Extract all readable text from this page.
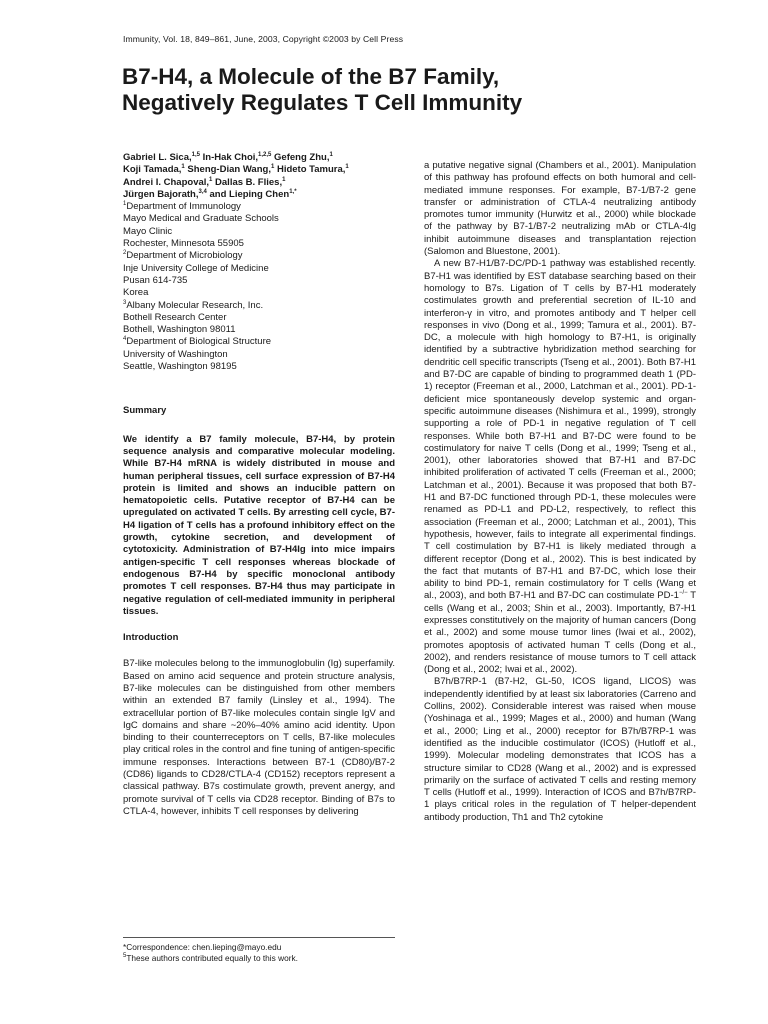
Immunity, Vol. 18, 849–861, June, 2003, Copyright ©2003 by Cell Press
B7-H4, a Molecule of the B7 Family,
Negatively Regulates T Cell Immunity

Gabriel L. Sica,$^{1,5}$ In-Hak Choi,$^{1,2,5}$ Gefeng Zhu,$^1$
Koji Tamada,$^1$ Sheng-Dian Wang,$^1$ Hideto Tamura,$^1$
Andrei I. Chapoval,$^1$ Dallas B. Flies,$^1$
Jürgen Bajorath,$^{3,4}$ and Lieping Chen$^{1,*}$

$^1$Department of Immunology
Mayo Medical and Graduate Schools
Mayo Clinic
Rochester, Minnesota 55905
$^2$Department of Microbiology
Inje University College of Medicine
Pusan 614-735
Korea
$^3$Albany Molecular Research, Inc.
Bothell Research Center
Bothell, Washington 98011
$^4$Department of Biological Structure
University of Washington
Seattle, Washington 98195

Summary

We identify a B7 family molecule, B7-H4, by protein sequence analysis and comparative molecular modeling. While B7-H4 mRNA is widely distributed in mouse and human peripheral tissues, cell surface expression of B7-H4 protein is limited and shows an inducible pattern on hematopoietic cells. Putative receptor of B7-H4 can be upregulated on activated T cells. By arresting cell cycle, B7-H4 ligation of T cells has a profound inhibitory effect on the growth, cytokine secretion, and development of cytotoxicity. Administration of B7-H4Ig into mice impairs antigen-specific T cell responses whereas blockade of endogenous B7-H4 by specific monoclonal antibody promotes T cell responses. B7-H4 thus may participate in negative regulation of cell-mediated immunity in peripheral tissues.

Introduction

B7-like molecules belong to the immunoglobulin (Ig) superfamily. Based on amino acid sequence and protein structure analysis, B7-like molecules can be distinguished from other members within an extended B7 family (Linsley et al., 1994). The extracellular portion of B7-like molecules contain single IgV and IgC domains and share ~20%–40% amino acid identity. Upon binding to their counterreceptors on T cells, B7-like molecules play critical roles in the control and fine tuning of antigen-specific immune responses. Interactions between B7-1 (CD80)/B7-2 (CD86) ligands to CD28/CTLA-4 (CD152) receptors represent a classical pathway. B7s costimulate growth, prevent anergy, and promote survival of T cells via CD28 receptor. Binding of B7s to CTLA-4, however, inhibits T cell responses by delivering

a putative negative signal (Chambers et al., 2001). Manipulation of this pathway has profound effects on both humoral and cell-mediated immune responses. For example, B7-1/B7-2 gene transfer or administration of CTLA-4 neutralizing antibody promotes tumor immunity (Hurwitz et al., 2000) while blockade of the pathway by B7-1/B7-2 neutralizing mAb or CTLA-4Ig inhibit autoimmune diseases and transplantation rejection (Salomon and Bluestone, 2001).

A new B7-H1/B7-DC/PD-1 pathway was established recently. B7-H1 was identified by EST database searching based on their homology to B7s. Ligation of T cells by B7-H1 moderately costimulates growth and preferential secretion of IL-10 and interferon-γ in vitro, and promotes antibody and T helper cell responses in vivo (Dong et al., 1999; Tamura et al., 2001). B7-DC, a molecule with high homology to B7-H1, is originally identified by a subtractive hybridization method searching for dendritic cell specific transcripts (Tseng et al., 2001). Both B7-H1 and B7-DC are capable of binding to programmed death 1 (PD-1) receptor (Freeman et al., 2000, Latchman et al., 2001). PD-1-deficient mice spontaneously develop systemic and organ-specific autoimmune diseases (Nishimura et al., 1999), strongly supporting a role of PD-1 in negative regulation of T cell responses. While both B7-H1 and B7-DC were found to be costimulatory for naive T cells (Dong et al., 1999; Tseng et al., 2001), other laboratories showed that B7-H1 and B7-DC inhibited proliferation of activated T cells (Freeman et al., 2000; Latchman et al., 2001). Because it was proposed that both B7-H1 and B7-DC functioned through PD-1, these molecules were renamed as PD-L1 and PD-L2, respectively, to reflect this association (Freeman et al., 2000; Latchman et al., 2001), This hypothesis, however, fails to integrate all experimental findings. T cell costimulation by B7-H1 is likely mediated through a different receptor (Dong et al., 2002). This is best indicated by the fact that mutants of B7-H1 and B7-DC, which lose their ability to bind PD-1, remain costimulatory for T cells (Wang et al., 2003), and both B7-H1 and B7-DC can costimulate PD-1−/− T cells (Wang et al., 2003; Shin et al., 2003). Importantly, B7-H1 expresses constitutively on the majority of human cancers (Dong et al., 2002) and some mouse tumor lines (Iwai et al., 2002), promotes apoptosis of activated human T cells (Dong et al., 2002), and renders resistance of mouse tumors to T cell attack (Dong et al., 2002; Iwai et al., 2002).

B7h/B7RP-1 (B7-H2, GL-50, ICOS ligand, LICOS) was independently identified by at least six laboratories (Carreno and Collins, 2002). Considerable interest was raised when mouse (Yoshinaga et al., 1999; Mages et al., 2000) and human (Wang et al., 2000; Ling et al., 2000) receptor for B7h/B7RP-1 was identified as the inducible costimulator (ICOS) (Hutloff et al., 1999). Molecular modeling demonstrates that ICOS has a structure similar to CD28 (Wang et al., 2002) and is expressed primarily on the surface of activated T cells and resting memory T cells (Hutloff et al., 1999). Interaction of ICOS and B7h/B7RP-1 plays critical roles in the regulation of T helper-dependent antibody production, Th1 and Th2 cytokine

*Correspondence: chen.lieping@mayo.edu
$^5$These authors contributed equally to this work.
